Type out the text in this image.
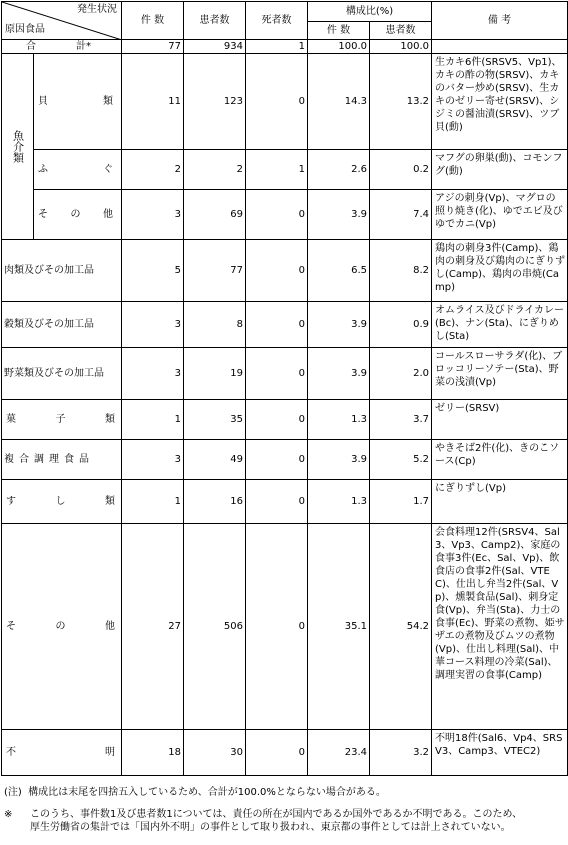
発生状況
原因食品		件 数	患者数	死者数	構成比(%)		備 考
					件 数	患者数	

合 計*		77	934	1	100.0	100.0	

魚介類	貝 類	11	123	0	14.3	13.2	生カキ6件(SRSV5、Vp1)、カキの酢の物(SRSV)、カキのバター炒め(SRSV)、生カキのゼリー寄せ(SRSV)、シジミの醤油漬(SRSV)、ツブ貝(動)

	ふ ぐ	2	2	1	2.6	0.2	マフグの卵巣(動)、コモンフグ(動)

	そ の 他	3	69	0	3.9	7.4	アジの刺身(Vp)、マグロの照り焼き(化)、ゆでエビ及びゆでカニ(Vp)
肉類及びその加工品		5	77	0	6.5	8.2	鶏肉の刺身3件(Camp)、鶏肉の刺身及び鶏肉のにぎりずし(Camp)、鶏肉の串焼(Camp)
穀類及びその加工品		3	8	0	3.9	0.9	オムライス及びドライカレー(Bc)、ナン(Sta)、にぎりめし(Sta)
野菜類及びその加工品		3	19	0	3.9	2.0	コールスローサラダ(化)、ブロッコリーソテー(Sta)、野菜の浅漬(Vp)

菓 子 類		1	35	0	1.3	3.7	ゼリー(SRSV)

複合調理食品		3	49	0	3.9	5.2	やきそば2件(化)、きのこソース(Cp)

す し 類		1	16	0	1.3	1.7	にぎりずし(Vp)

そ の 他		27	506	0	35.1	54.2	会食料理12件(SRSV4、Sal3、Vp3、Camp2)、家庭の食事3件(Ec、Sal、Vp)、飲食店の食事2件(Sal、VTEC)、仕出し弁当2件(Sal、Vp)、燻製食品(Sal)、刺身定食(Vp)、弁当(Sta)、力士の食事(Ec)、野菜の煮物、姫サザエの煮物及びムツの煮物(Vp)、仕出し料理(Sal)、中華コース料理の冷菜(Sal)、調理実習の食事(Camp)

不 明		18	30	0	23.4	3.2	不明18件(Sal6、Vp4、SRSV3、Camp3、VTEC2)
(注) 構成比は末尾を四捨五入しているため、合計が100.0%とならない場合がある。
※	このうち、事件数1及び患者数1については、責任の所在が国内であるか国外であるか不明である。このため、
厚生労働省の集計では「国内外不明」の事件として取り扱われ、東京都の事件としては計上されていない。
